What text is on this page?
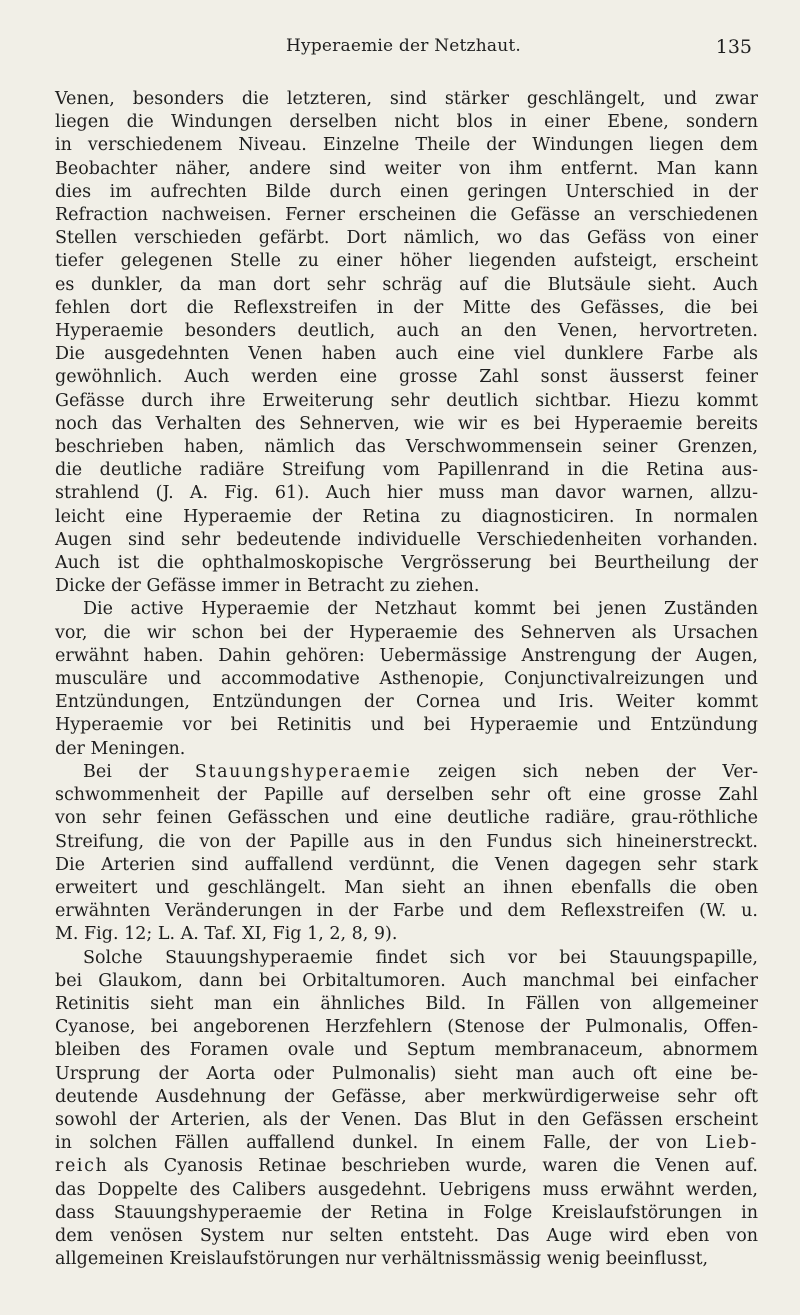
Hyperaemie der Netzhaut.	135

Venen, besonders die letzteren, sind stärker geschlängelt, und zwar

liegen die Windungen derselben nicht blos in einer Ebene, sondern

in verschiedenem Niveau. Einzelne Theile der Windungen liegen dem

Beobachter näher, andere sind weiter von ihm entfernt. Man kann

dies im aufrechten Bilde durch einen geringen Unterschied in der

Refraction nachweisen. Ferner erscheinen die Gefässe an verschiedenen

Stellen verschieden gefärbt. Dort nämlich, wo das Gefäss von einer

tiefer gelegenen Stelle zu einer höher liegenden aufsteigt, erscheint

es dunkler, da man dort sehr schräg auf die Blutsäule sieht. Auch

fehlen dort die Reflexstreifen in der Mitte des Gefässes, die bei

Hyperaemie besonders deutlich, auch an den Venen, hervortreten.

Die ausgedehnten Venen haben auch eine viel dunklere Farbe als

gewöhnlich. Auch werden eine grosse Zahl sonst äusserst feiner

Gefässe durch ihre Erweiterung sehr deutlich sichtbar. Hiezu kommt

noch das Verhalten des Sehnerven, wie wir es bei Hyperaemie bereits

beschrieben haben, nämlich das Verschwommensein seiner Grenzen,

die deutliche radiäre Streifung vom Papillenrand in die Retina aus-

strahlend (J. A. Fig. 61). Auch hier muss man davor warnen, allzu-

leicht eine Hyperaemie der Retina zu diagnosticiren. In normalen

Augen sind sehr bedeutende individuelle Verschiedenheiten vorhanden.

Auch ist die ophthalmoskopische Vergrösserung bei Beurtheilung der

Dicke der Gefässe immer in Betracht zu ziehen.

Die active Hyperaemie der Netzhaut kommt bei jenen Zuständen

vor, die wir schon bei der Hyperaemie des Sehnerven als Ursachen

erwähnt haben. Dahin gehören: Uebermässige Anstrengung der Augen,

musculäre und accommodative Asthenopie, Conjunctivalreizungen und

Entzündungen, Entzündungen der Cornea und Iris. Weiter kommt

Hyperaemie vor bei Retinitis und bei Hyperaemie und Entzündung

der Meningen.

Bei der Stauungshyperaemie zeigen sich neben der Ver-

schwommenheit der Papille auf derselben sehr oft eine grosse Zahl

von sehr feinen Gefässchen und eine deutliche radiäre, grau-röthliche

Streifung, die von der Papille aus in den Fundus sich hineinerstreckt.

Die Arterien sind auffallend verdünnt, die Venen dagegen sehr stark

erweitert und geschlängelt. Man sieht an ihnen ebenfalls die oben

erwähnten Veränderungen in der Farbe und dem Reflexstreifen (W. u.

M. Fig. 12; L. A. Taf. XI, Fig 1, 2, 8, 9).

Solche Stauungshyperaemie findet sich vor bei Stauungspapille,

bei Glaukom, dann bei Orbitaltumoren. Auch manchmal bei einfacher

Retinitis sieht man ein ähnliches Bild. In Fällen von allgemeiner

Cyanose, bei angeborenen Herzfehlern (Stenose der Pulmonalis, Offen-

bleiben des Foramen ovale und Septum membranaceum, abnormem

Ursprung der Aorta oder Pulmonalis) sieht man auch oft eine be-

deutende Ausdehnung der Gefässe, aber merkwürdigerweise sehr oft

sowohl der Arterien, als der Venen. Das Blut in den Gefässen erscheint

in solchen Fällen auffallend dunkel. In einem Falle, der von Lieb-

reich als Cyanosis Retinae beschrieben wurde, waren die Venen auf.

das Doppelte des Calibers ausgedehnt. Uebrigens muss erwähnt werden,

dass Stauungshyperaemie der Retina in Folge Kreislaufstörungen in

dem venösen System nur selten entsteht. Das Auge wird eben von

allgemeinen Kreislaufstörungen nur verhältnissmässig wenig beeinflusst,
